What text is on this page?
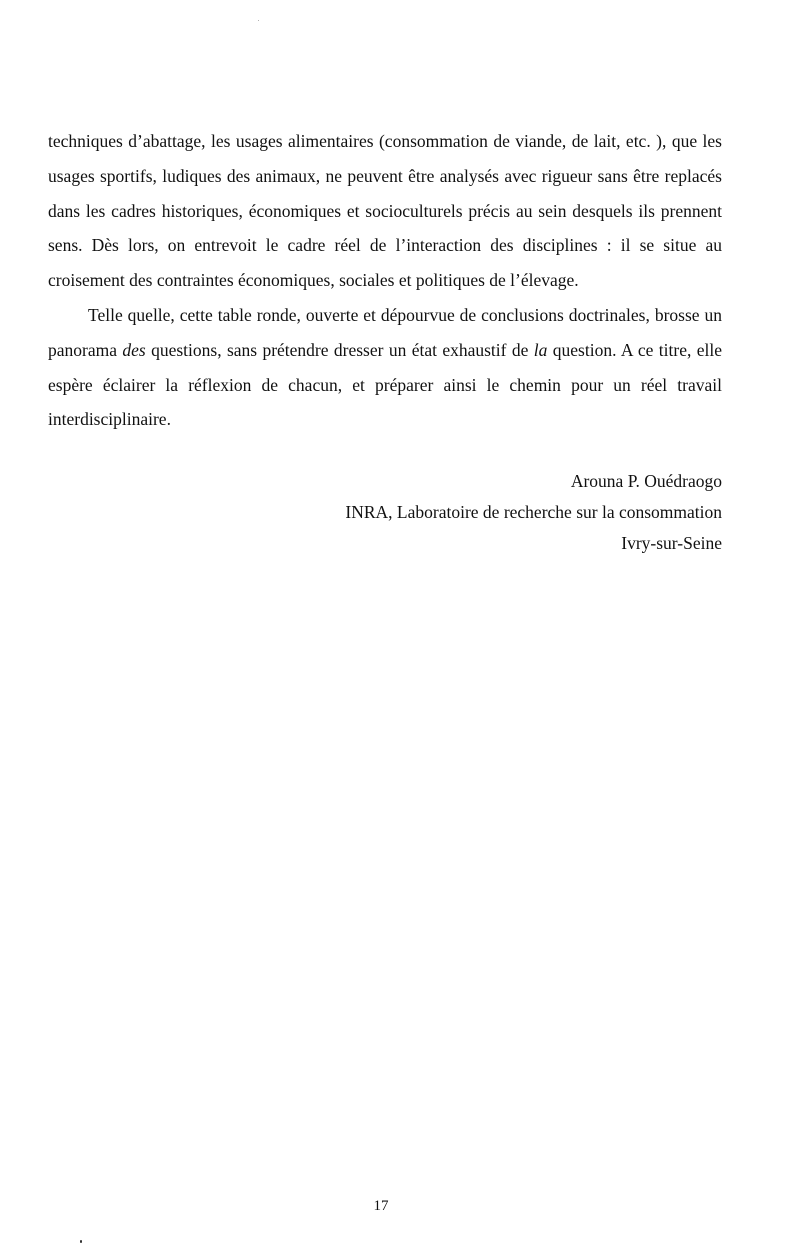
techniques d’abattage, les usages alimentaires (consommation de viande, de lait, etc. ), que les usages sportifs, ludiques des animaux, ne peuvent être analysés avec rigueur sans être replacés dans les cadres historiques, économiques et socioculturels précis au sein desquels ils prennent sens. Dès lors, on entrevoit le cadre réel de l’interaction des disciplines : il se situe au croisement des contraintes économiques, sociales et politiques de l’élevage.

Telle quelle, cette table ronde, ouverte et dépourvue de conclusions doctrinales, brosse un panorama des questions, sans prétendre dresser un état exhaustif de la question. A ce titre, elle espère éclairer la réflexion de chacun, et préparer ainsi le chemin pour un réel travail interdisciplinaire.

Arouna P. Ouédraogo
INRA, Laboratoire de recherche sur la consommation
Ivry-sur-Seine
17
